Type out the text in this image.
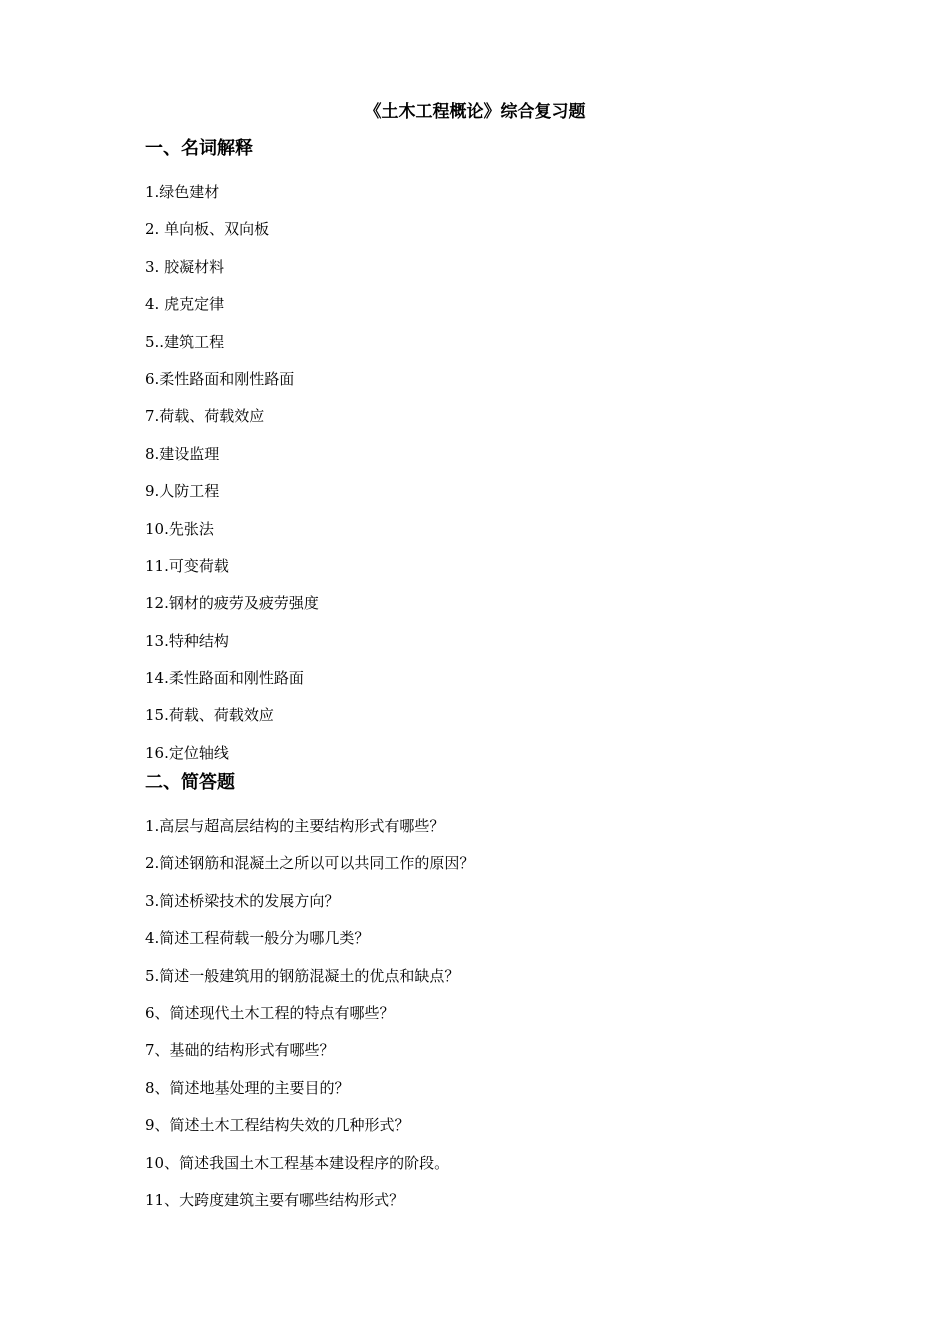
《土木工程概论》综合复习题
一、名词解释
1.绿色建材
2. 单向板、双向板
3. 胶凝材料
4. 虎克定律
5..建筑工程
6.柔性路面和刚性路面
7.荷载、荷载效应
8.建设监理
9.人防工程
10.先张法
11.可变荷载
12.钢材的疲劳及疲劳强度
13.特种结构
14.柔性路面和刚性路面
15.荷载、荷载效应
16.定位轴线
二、简答题
1.高层与超高层结构的主要结构形式有哪些？
2.简述钢筋和混凝土之所以可以共同工作的原因？
3.简述桥梁技术的发展方向？
4.简述工程荷载一般分为哪几类？
5.简述一般建筑用的钢筋混凝土的优点和缺点？
6、简述现代土木工程的特点有哪些？
7、基础的结构形式有哪些？
8、简述地基处理的主要目的？
9、简述土木工程结构失效的几种形式？
10、简述我国土木工程基本建设程序的阶段。
11、大跨度建筑主要有哪些结构形式？
